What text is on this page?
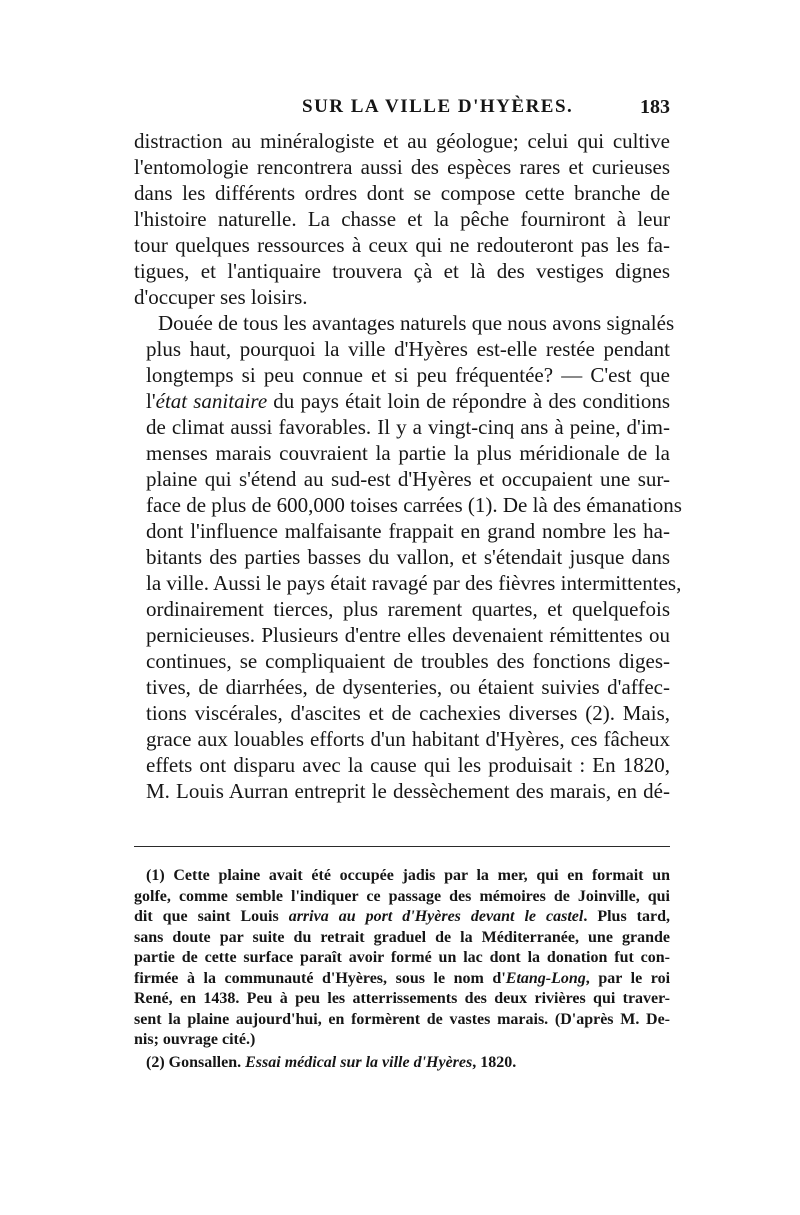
SUR LA VILLE D'HYÈRES.	183

distraction au minéralogiste et au géologue; celui qui cultive
l'entomologie rencontrera aussi des espèces rares et curieuses
dans les différents ordres dont se compose cette branche de
l'histoire naturelle. La chasse et la pêche fourniront à leur
tour quelques ressources à ceux qui ne redouteront pas les fa-
tigues, et l'antiquaire trouvera çà et là des vestiges dignes
d'occuper ses loisirs.

Douée de tous les avantages naturels que nous avons signalés
plus haut, pourquoi la ville d'Hyères est-elle restée pendant
longtemps si peu connue et si peu fréquentée? — C'est que
l'état sanitaire du pays était loin de répondre à des conditions
de climat aussi favorables. Il y a vingt-cinq ans à peine, d'im-
menses marais couvraient la partie la plus méridionale de la
plaine qui s'étend au sud-est d'Hyères et occupaient une sur-
face de plus de 600,000 toises carrées (1). De là des émanations
dont l'influence malfaisante frappait en grand nombre les ha-
bitants des parties basses du vallon, et s'étendait jusque dans
la ville. Aussi le pays était ravagé par des fièvres intermittentes,
ordinairement tierces, plus rarement quartes, et quelquefois
pernicieuses. Plusieurs d'entre elles devenaient rémittentes ou
continues, se compliquaient de troubles des fonctions diges-
tives, de diarrhées, de dysenteries, ou étaient suivies d'affec-
tions viscérales, d'ascites et de cachexies diverses (2). Mais,
grace aux louables efforts d'un habitant d'Hyères, ces fâcheux
effets ont disparu avec la cause qui les produisait : En 1820,
M. Louis Aurran entreprit le dessèchement des marais, en dé-

(1) Cette plaine avait été occupée jadis par la mer, qui en formait un
golfe, comme semble l'indiquer ce passage des mémoires de Joinville, qui
dit que saint Louis arriva au port d'Hyères devant le castel. Plus tard,
sans doute par suite du retrait graduel de la Méditerranée, une grande
partie de cette surface paraît avoir formé un lac dont la donation fut con-
firmée à la communauté d'Hyères, sous le nom d'Etang-Long, par le roi
René, en 1438. Peu à peu les atterrissements des deux rivières qui traver-
sent la plaine aujourd'hui, en formèrent de vastes marais. (D'après M. De-
nis; ouvrage cité.)
(2) Gonsallen. Essai médical sur la ville d'Hyères, 1820.
